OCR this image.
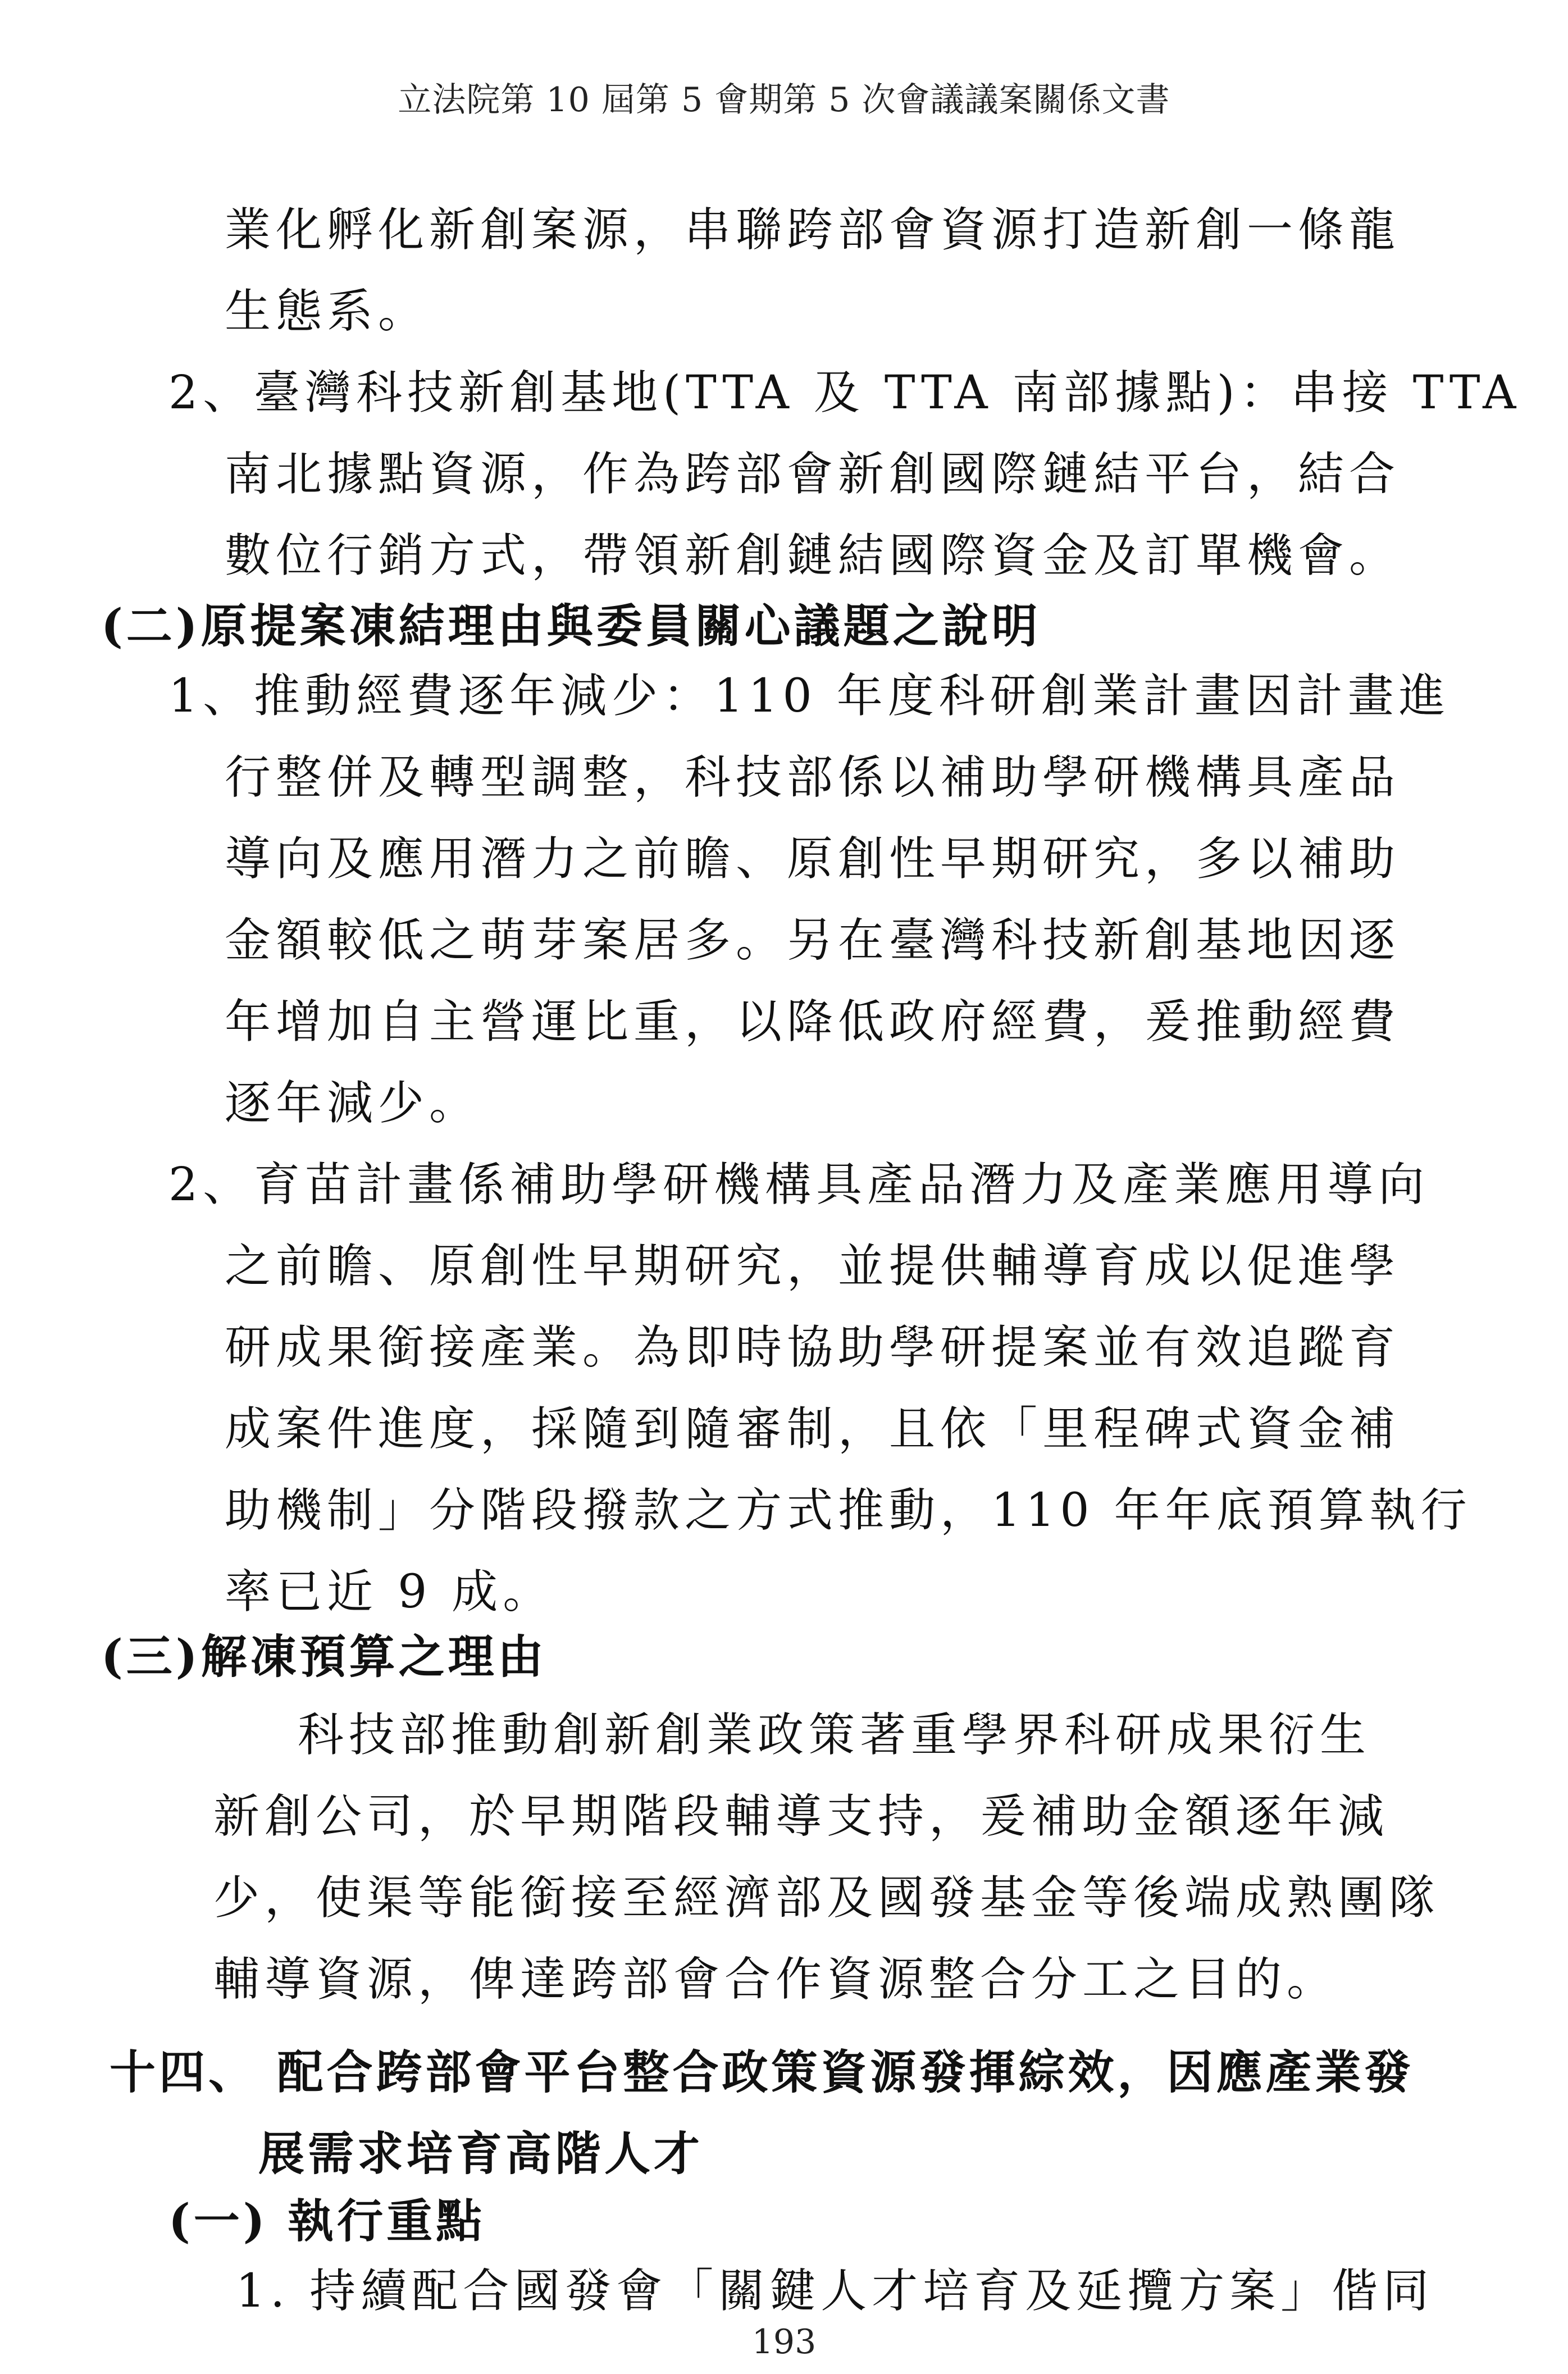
立法院第 10 屆第 5 會期第 5 次會議議案關係文書
業化孵化新創案源，串聯跨部會資源打造新創一條龍
生態系。
2、臺灣科技新創基地(TTA 及 TTA 南部據點)：串接 TTA
南北據點資源，作為跨部會新創國際鏈結平台，結合
數位行銷方式，帶領新創鏈結國際資金及訂單機會。
(二)原提案凍結理由與委員關心議題之說明
1、推動經費逐年減少：110 年度科研創業計畫因計畫進
行整併及轉型調整，科技部係以補助學研機構具產品
導向及應用潛力之前瞻、原創性早期研究，多以補助
金額較低之萌芽案居多。另在臺灣科技新創基地因逐
年增加自主營運比重，以降低政府經費，爰推動經費
逐年減少。
2、育苗計畫係補助學研機構具產品潛力及產業應用導向
之前瞻、原創性早期研究，並提供輔導育成以促進學
研成果銜接產業。為即時協助學研提案並有效追蹤育
成案件進度，採隨到隨審制，且依「里程碑式資金補
助機制」分階段撥款之方式推動，110 年年底預算執行
率已近 9 成。
(三)解凍預算之理由
科技部推動創新創業政策著重學界科研成果衍生
新創公司，於早期階段輔導支持，爰補助金額逐年減
少，使渠等能銜接至經濟部及國發基金等後端成熟團隊
輔導資源，俾達跨部會合作資源整合分工之目的。
十四、 配合跨部會平台整合政策資源發揮綜效，因應產業發
展需求培育高階人才
(一) 執行重點
1. 持續配合國發會「關鍵人才培育及延攬方案」偕同
193
